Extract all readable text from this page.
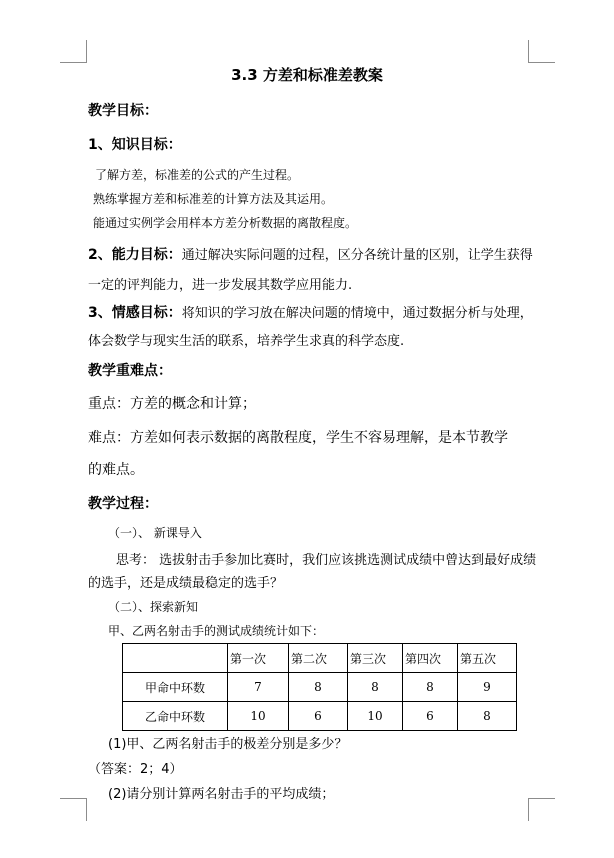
3.3 方差和标准差教案
教学目标：
1、知识目标：
了解方差，标准差的公式的产生过程。
熟练掌握方差和标准差的计算方法及其运用。
能通过实例学会用样本方差分析数据的离散程度。
2、能力目标：通过解决实际问题的过程，区分各统计量的区别，让学生获得
一定的评判能力，进一步发展其数学应用能力.
3、情感目标：将知识的学习放在解决问题的情境中，通过数据分析与处理，
体会数学与现实生活的联系，培养学生求真的科学态度.
教学重难点：
重点：方差的概念和计算；
难点：方差如何表示数据的离散程度，学生不容易理解，是本节教学
的难点。
教学过程：
（一）、 新课导入
思考： 选拔射击手参加比赛时，我们应该挑选测试成绩中曾达到最好成绩
的选手，还是成绩最稳定的选手？
（二）、探索新知
甲、乙两名射击手的测试成绩统计如下：
	第一次	第二次	第三次	第四次	第五次
甲命中环数	7	8	8	8	9
乙命中环数	10	6	10	6	8
(1)甲、乙两名射击手的极差分别是多少？
（答案：2；4）
(2)请分别计算两名射击手的平均成绩；
